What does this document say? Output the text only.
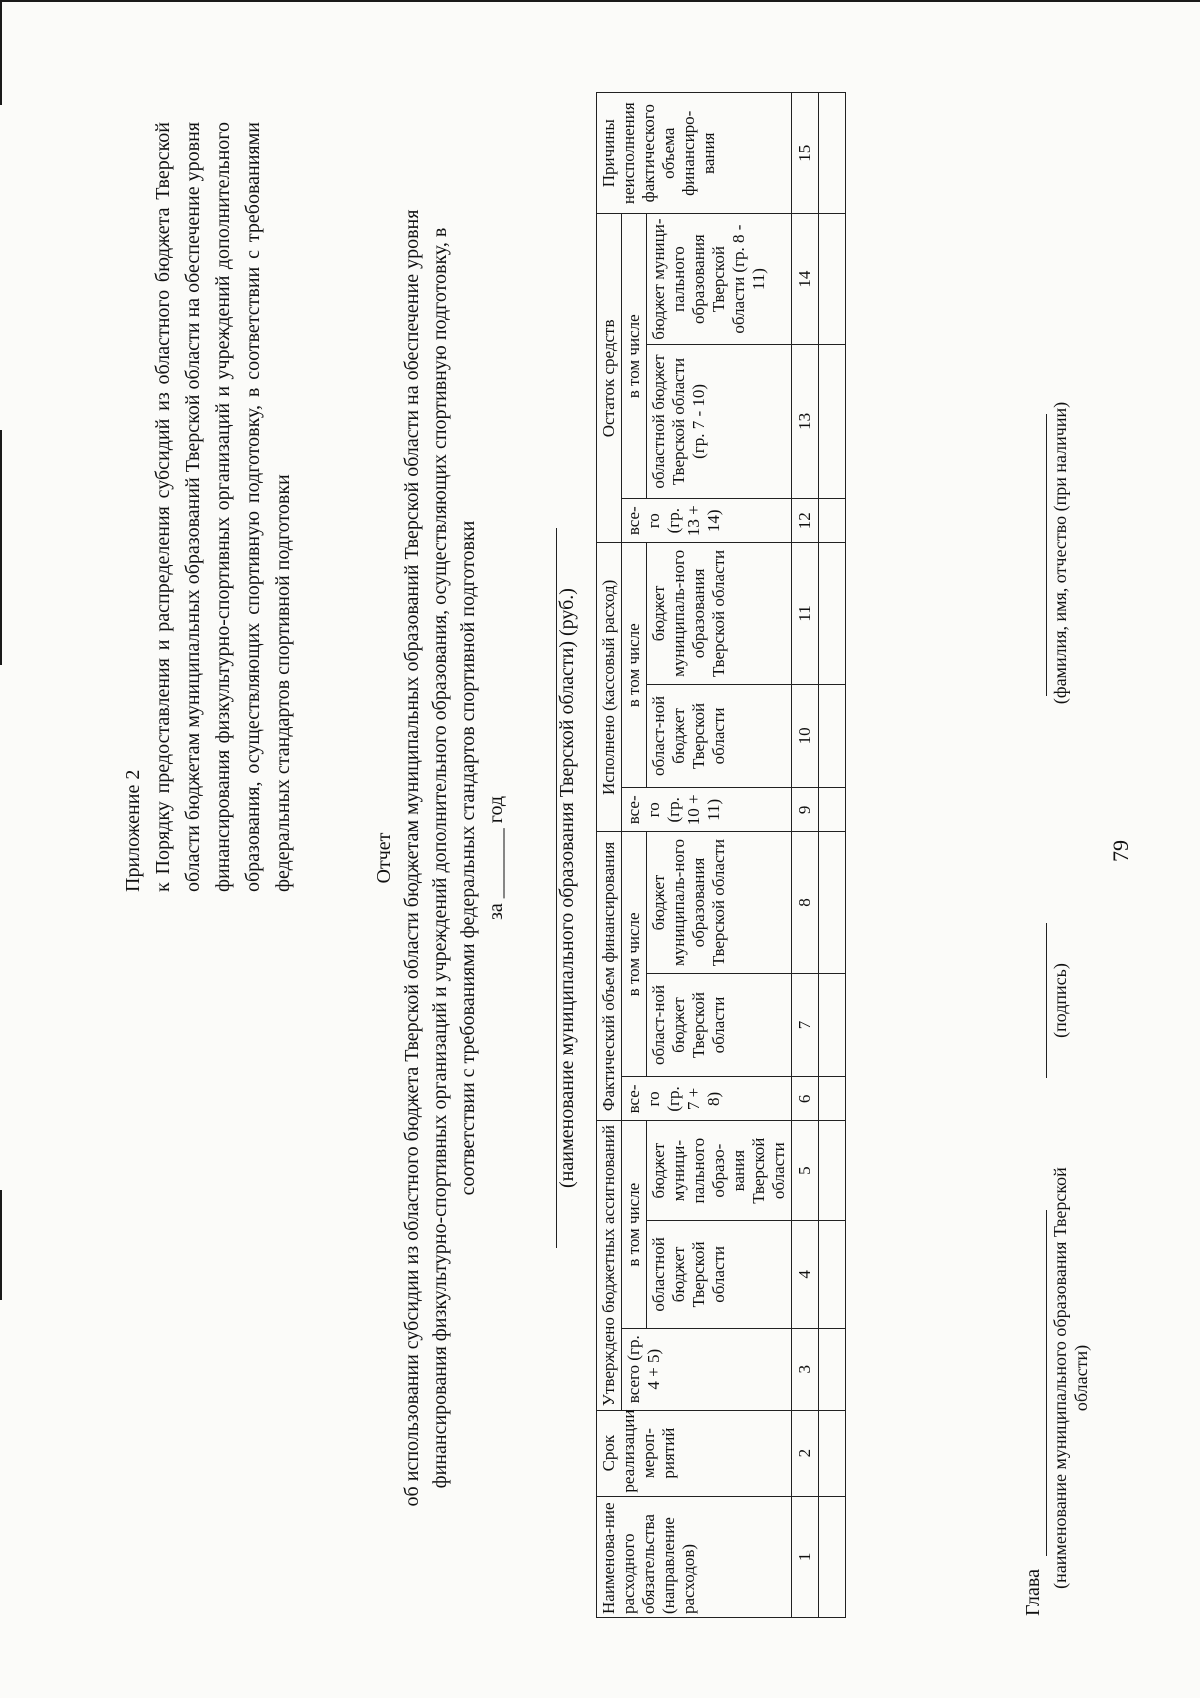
79
Приложение 2 к Порядку предоставления и распределения субсидий из областного бюджета Тверской области бюджетам муниципальных образований Тверской области на обеспечение уровня финансирования физкультурно-спортивных организаций и учреждений дополнительного образования, осуществляющих спортивную подготовку, в соответствии с требованиями федеральных стандартов спортивной подготовки	Отчет об использовании субсидии из областного бюджета Тверской области бюджетам муниципальных образований Тверской области на обеспечение уровня финансирования физкультурно-спортивных организаций и учреждений дополнительного образования, осуществляющих спортивную подготовку, в соответствии с требованиями федеральных стандартов спортивной подготовки за _______ год (наименование муниципального образования Тверской области) (руб.)
Наименова-ние расходного обязательства (направление расходов)	Срок реализации мероп-риятий	Утверждено бюджетных ассигнований			Фактический объем финансирования			Исполнено (кассовый расход)			Остаток средств			Причины неисполнения фактического объема финансиро-вания
		всего (гр. 4 + 5)	в том числе		все-го (гр. 7 + 8)	в том числе		все-го (гр. 10 + 11)	в том числе		все-го (гр. 13 + 14)	в том числе		
			областной бюджет Тверской области	бюджет муници-пального образо-вания Тверской области		област-ной бюджет Тверской области	бюджет муниципаль-ного образования Тверской области		област-ной бюджет Тверской области	бюджет муниципаль-ного образования Тверской области		областной бюджет Тверской области (гр. 7 - 10)	бюджет муници-пального образования Тверской области (гр. 8 - 11)	
1	2	3	4	5	6	7	8	9	10	11	12	13	14	15

Глава
(наименование муниципального образования Тверской области)
(подпись)
(фамилия, имя, отчество (при наличии)
